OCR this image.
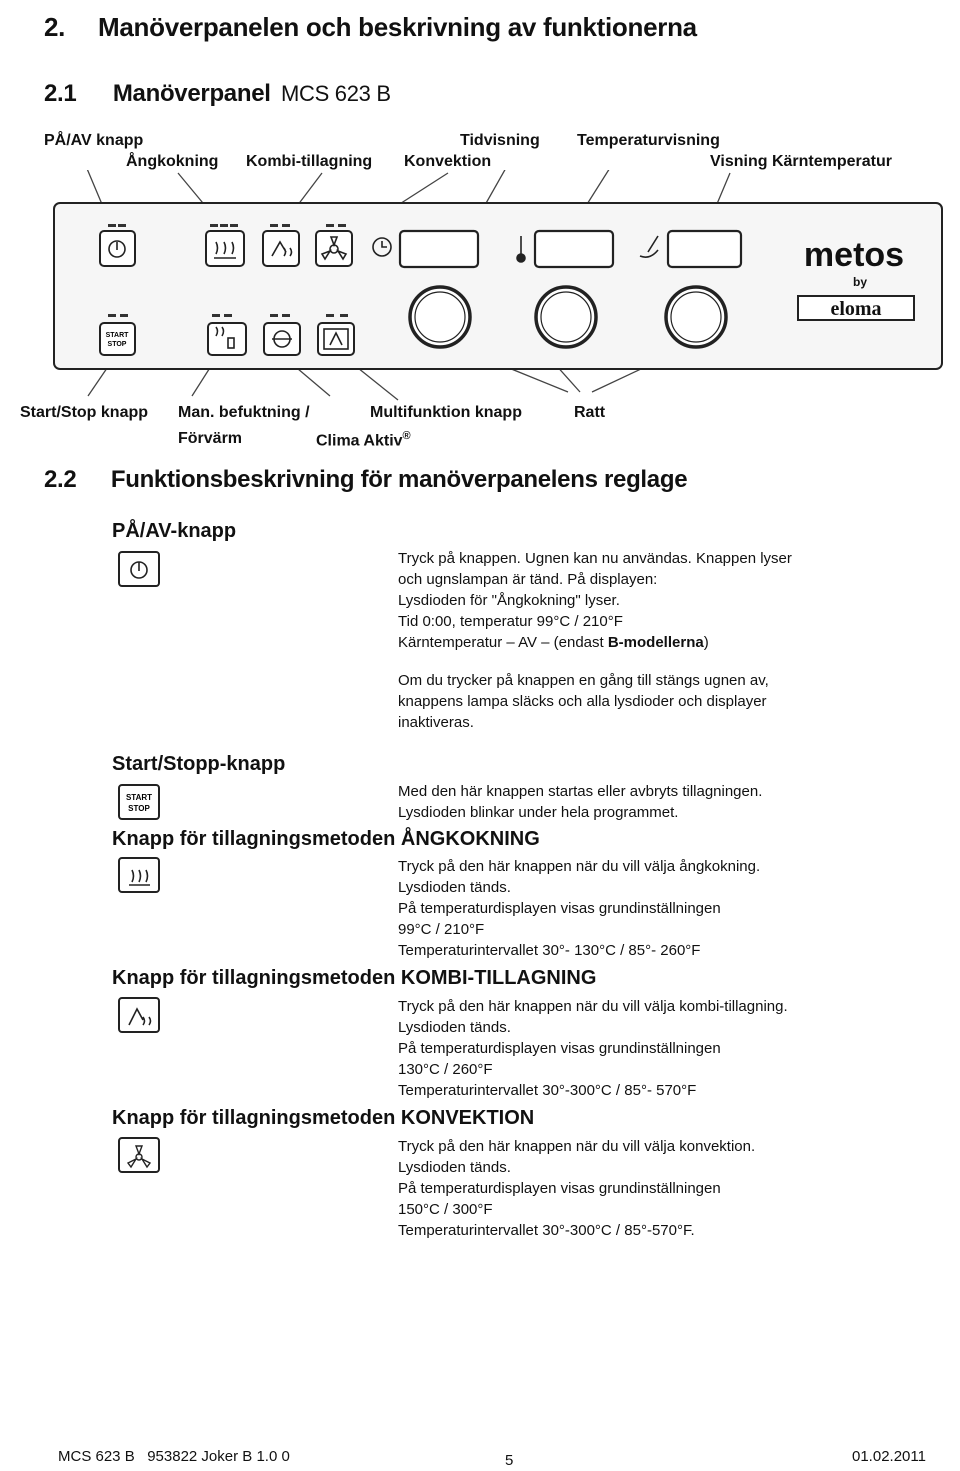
2. Manöverpanelen och beskrivning av funktionerna
2.1 Manöverpanel MCS 623 B
PÅ/AV knapp
Ångkokning Kombi-tillagning Konvektion
Tidvisning Temperaturvisning
Visning Kärntemperatur
START
STOP
metos
by
eloma
Start/Stop knapp Man. befuktning /
Förvärm
Multifunktion knapp
Clima Aktiv®
Ratt
2.2 Funktionsbeskrivning för manöverpanelens reglage
PÅ/AV-knapp

Tryck på knappen. Ugnen kan nu användas. Knappen lyser

och ugnslampan är tänd. På displayen:

Lysdioden för "Ångkokning" lyser.

Tid 0:00, temperatur 99°C / 210°F

Kärntemperatur – AV – (endast B-modellerna)

Om du trycker på knappen en gång till stängs ugnen av,

knappens lampa släcks och alla lysdioder och displayer

inaktiveras.

Start/Stopp-knapp
START
STOP

Med den här knappen startas eller avbryts tillagningen.

Lysdioden blinkar under hela programmet.

Knapp för tillagningsmetoden ÅNGKOKNING

Tryck på den här knappen när du vill välja ångkokning.

Lysdioden tänds.

På temperaturdisplayen visas grundinställningen

99°C / 210°F

Temperaturintervallet 30°- 130°C / 85°- 260°F

Knapp för tillagningsmetoden KOMBI-TILLAGNING

Tryck på den här knappen när du vill välja kombi-tillagning.

Lysdioden tänds.

På temperaturdisplayen visas grundinställningen

130°C / 260°F

Temperaturintervallet 30°-300°C / 85°- 570°F

Knapp för tillagningsmetoden KONVEKTION

Tryck på den här knappen när du vill välja konvektion.

Lysdioden tänds.

På temperaturdisplayen visas grundinställningen

150°C / 300°F

Temperaturintervallet 30°-300°C / 85°-570°F.

MCS 623 B   953822 Joker B 1.0 0	5	01.02.2011
